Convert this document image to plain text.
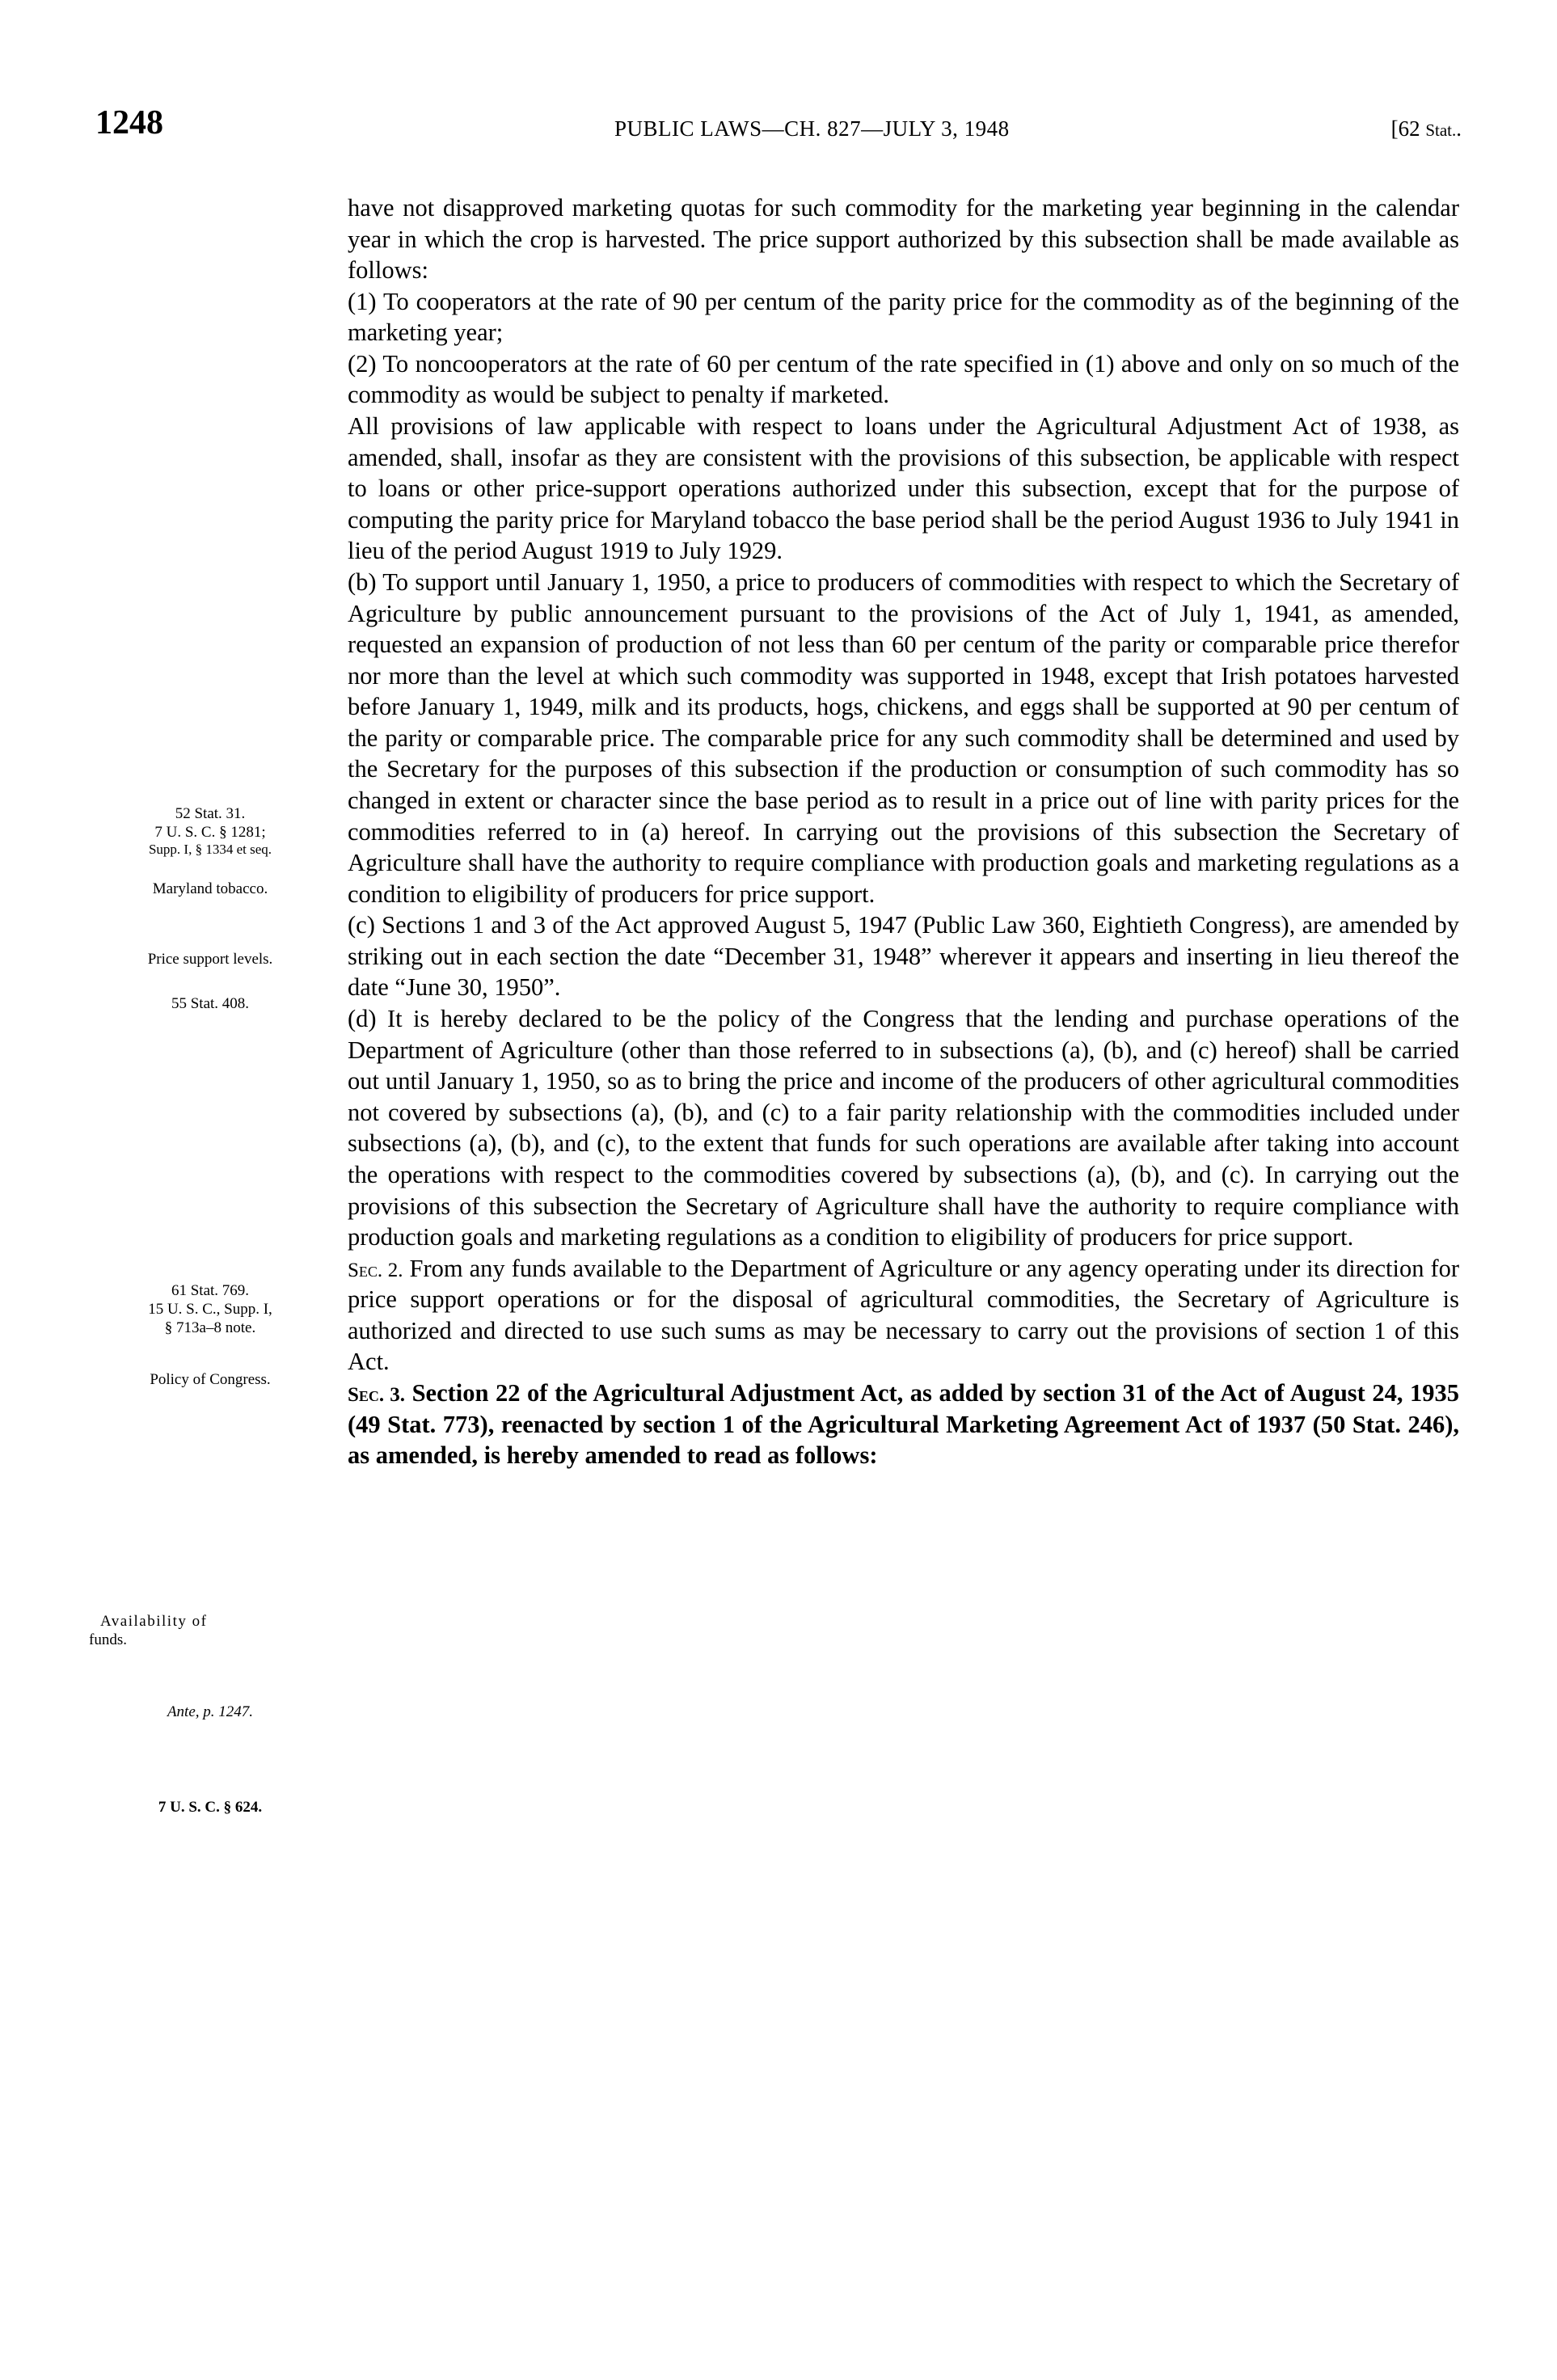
1248	PUBLIC LAWS—CH. 827—JULY 3, 1948	[62 Stat..
52 Stat. 31.
7 U. S. C. § 1281;
Supp. I, § 1334 et seq.
Maryland tobacco.
Price support levels.
55 Stat. 408.
61 Stat. 769.
15 U. S. C., Supp. I,
§ 713a–8 note.
Policy of Congress.
Availability of
funds.
Ante, p. 1247.
7 U. S. C. § 624.

have not disapproved marketing quotas for such commodity for the marketing year beginning in the calendar year in which the crop is harvested. The price support authorized by this subsection shall be made available as follows:

(1) To cooperators at the rate of 90 per centum of the parity price for the commodity as of the beginning of the marketing year;

(2) To noncooperators at the rate of 60 per centum of the rate specified in (1) above and only on so much of the commodity as would be subject to penalty if marketed.

All provisions of law applicable with respect to loans under the Agricultural Adjustment Act of 1938, as amended, shall, insofar as they are consistent with the provisions of this subsection, be applicable with respect to loans or other price-support operations authorized under this subsection, except that for the purpose of computing the parity price for Maryland tobacco the base period shall be the period August 1936 to July 1941 in lieu of the period August 1919 to July 1929.

(b) To support until January 1, 1950, a price to producers of commodities with respect to which the Secretary of Agriculture by public announcement pursuant to the provisions of the Act of July 1, 1941, as amended, requested an expansion of production of not less than 60 per centum of the parity or comparable price therefor nor more than the level at which such commodity was supported in 1948, except that Irish potatoes harvested before January 1, 1949, milk and its products, hogs, chickens, and eggs shall be supported at 90 per centum of the parity or comparable price. The comparable price for any such commodity shall be determined and used by the Secretary for the purposes of this subsection if the production or consumption of such commodity has so changed in extent or character since the base period as to result in a price out of line with parity prices for the commodities referred to in (a) hereof. In carrying out the provisions of this subsection the Secretary of Agriculture shall have the authority to require compliance with production goals and marketing regulations as a condition to eligibility of producers for price support.

(c) Sections 1 and 3 of the Act approved August 5, 1947 (Public Law 360, Eightieth Congress), are amended by striking out in each section the date “December 31, 1948” wherever it appears and inserting in lieu thereof the date “June 30, 1950”.

(d) It is hereby declared to be the policy of the Congress that the lending and purchase operations of the Department of Agriculture (other than those referred to in subsections (a), (b), and (c) hereof) shall be carried out until January 1, 1950, so as to bring the price and income of the producers of other agricultural commodities not covered by subsections (a), (b), and (c) to a fair parity relationship with the commodities included under subsections (a), (b), and (c), to the extent that funds for such operations are available after taking into account the operations with respect to the commodities covered by subsections (a), (b), and (c). In carrying out the provisions of this subsection the Secretary of Agriculture shall have the authority to require compliance with production goals and marketing regulations as a condition to eligibility of producers for price support.

Sec. 2. From any funds available to the Department of Agriculture or any agency operating under its direction for price support operations or for the disposal of agricultural commodities, the Secretary of Agriculture is authorized and directed to use such sums as may be necessary to carry out the provisions of section 1 of this Act.

Sec. 3. Section 22 of the Agricultural Adjustment Act, as added by section 31 of the Act of August 24, 1935 (49 Stat. 773), reenacted by section 1 of the Agricultural Marketing Agreement Act of 1937 (50 Stat. 246), as amended, is hereby amended to read as follows:
